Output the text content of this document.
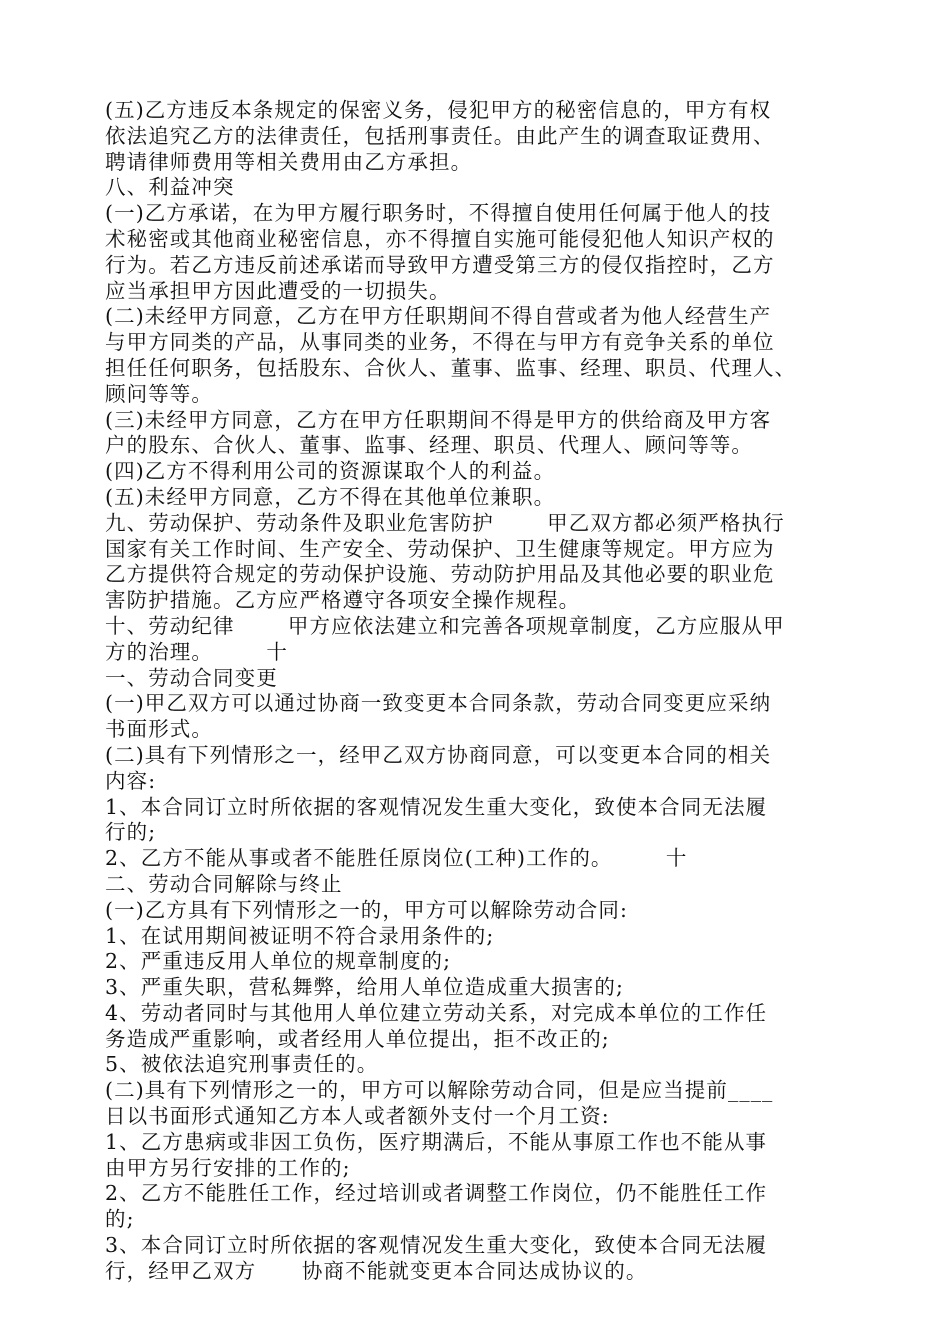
(五)乙方违反本条规定的保密义务，侵犯甲方的秘密信息的，甲方有权
依法追究乙方的法律责任，包括刑事责任。由此产生的调查取证费用、
聘请律师费用等相关费用由乙方承担。
八、利益冲突
(一)乙方承诺，在为甲方履行职务时，不得擅自使用任何属于他人的技
术秘密或其他商业秘密信息，亦不得擅自实施可能侵犯他人知识产权的
行为。若乙方违反前述承诺而导致甲方遭受第三方的侵仅指控时，乙方
应当承担甲方因此遭受的一切损失。
(二)未经甲方同意，乙方在甲方任职期间不得自营或者为他人经营生产
与甲方同类的产品，从事同类的业务，不得在与甲方有竞争关系的单位
担任任何职务，包括股东、合伙人、董事、监事、经理、职员、代理人、
顾问等等。
(三)未经甲方同意，乙方在甲方任职期间不得是甲方的供给商及甲方客
户的股东、合伙人、董事、监事、经理、职员、代理人、顾问等等。
(四)乙方不得利用公司的资源谋取个人的利益。
(五)未经甲方同意，乙方不得在其他单位兼职。
九、劳动保护、劳动条件及职业危害防护       甲乙双方都必须严格执行
国家有关工作时间、生产安全、劳动保护、卫生健康等规定。甲方应为
乙方提供符合规定的劳动保护设施、劳动防护用品及其他必要的职业危
害防护措施。乙方应严格遵守各项安全操作规程。
十、劳动纪律       甲方应依法建立和完善各项规章制度，乙方应服从甲
方的治理。       十
一、劳动合同变更
(一)甲乙双方可以通过协商一致变更本合同条款，劳动合同变更应采纳
书面形式。
(二)具有下列情形之一，经甲乙双方协商同意，可以变更本合同的相关
内容:
1、本合同订立时所依据的客观情况发生重大变化，致使本合同无法履
行的;
2、乙方不能从事或者不能胜任原岗位(工种)工作的。       十
二、劳动合同解除与终止
(一)乙方具有下列情形之一的，甲方可以解除劳动合同:
1、在试用期间被证明不符合录用条件的;
2、严重违反用人单位的规章制度的;
3、严重失职，营私舞弊，给用人单位造成重大损害的;
4、劳动者同时与其他用人单位建立劳动关系，对完成本单位的工作任
务造成严重影响，或者经用人单位提出，拒不改正的;
5、被依法追究刑事责任的。
(二)具有下列情形之一的，甲方可以解除劳动合同，但是应当提前____
日以书面形式通知乙方本人或者额外支付一个月工资:
1、乙方患病或非因工负伤，医疗期满后，不能从事原工作也不能从事
由甲方另行安排的工作的;
2、乙方不能胜任工作，经过培训或者调整工作岗位，仍不能胜任工作
的;
3、本合同订立时所依据的客观情况发生重大变化，致使本合同无法履
行，经甲乙双方      协商不能就变更本合同达成协议的。
